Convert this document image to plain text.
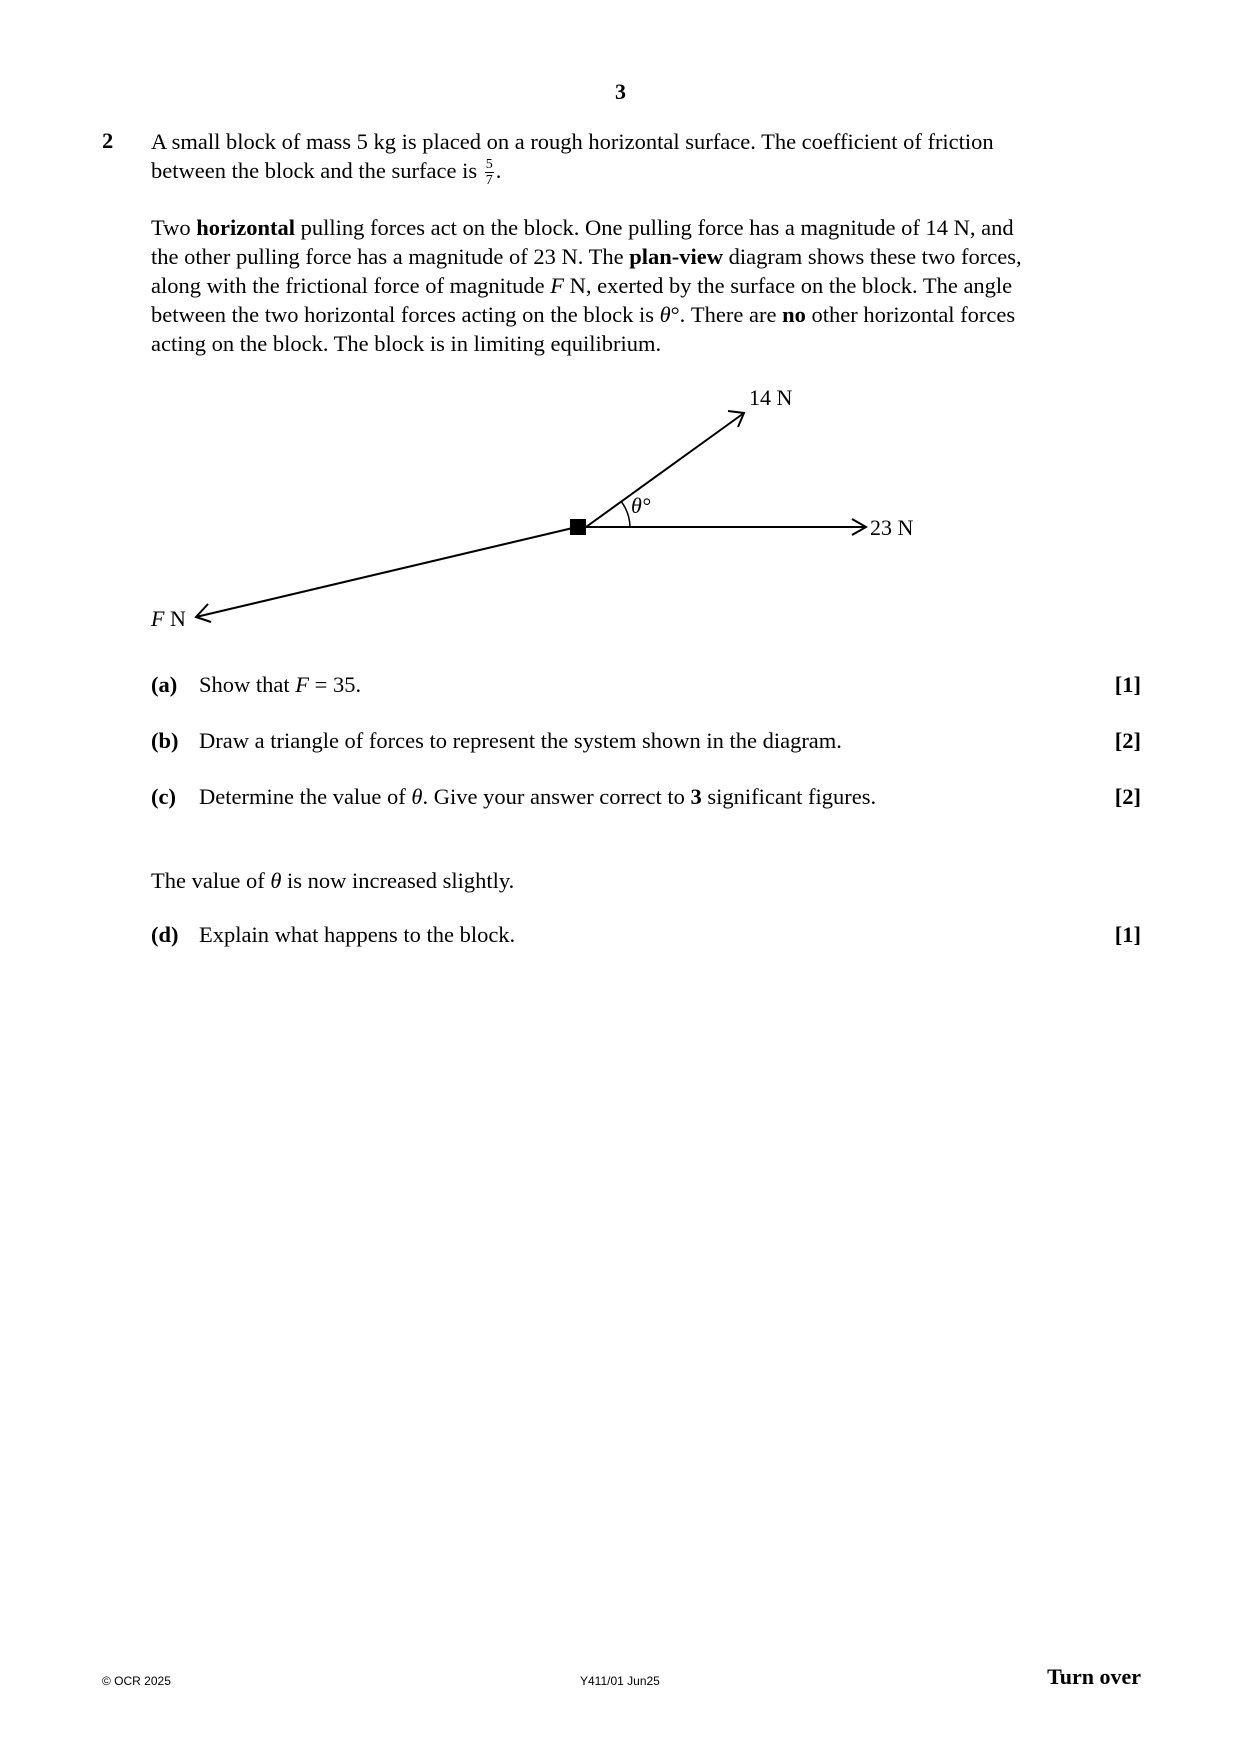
3
2 A small block of mass 5 kg is placed on a rough horizontal surface. The coefficient of friction

between the block and the surface is $\frac{5}{7}$ .

Two horizontal pulling forces act on the block. One pulling force has a magnitude of 14 N, and

the other pulling force has a magnitude of 23 N. The plan-view diagram shows these two forces,

along with the frictional force of magnitude F N, exerted by the surface on the block. The angle

between the two horizontal forces acting on the block is θ°. There are no other horizontal forces

acting on the block. The block is in limiting equilibrium.

14 N
23 N
F N
θ°
(a) Show that F = 35.	[1]
(b) Draw a triangle of forces to represent the system shown in the diagram.	[2]
(c) Determine the value of θ. Give your answer correct to 3 significant figures.	[2]

The value of θ is now increased slightly.

(d) Explain what happens to the block.	[1]
© OCR 2025	Y411/01 Jun25	Turn over
